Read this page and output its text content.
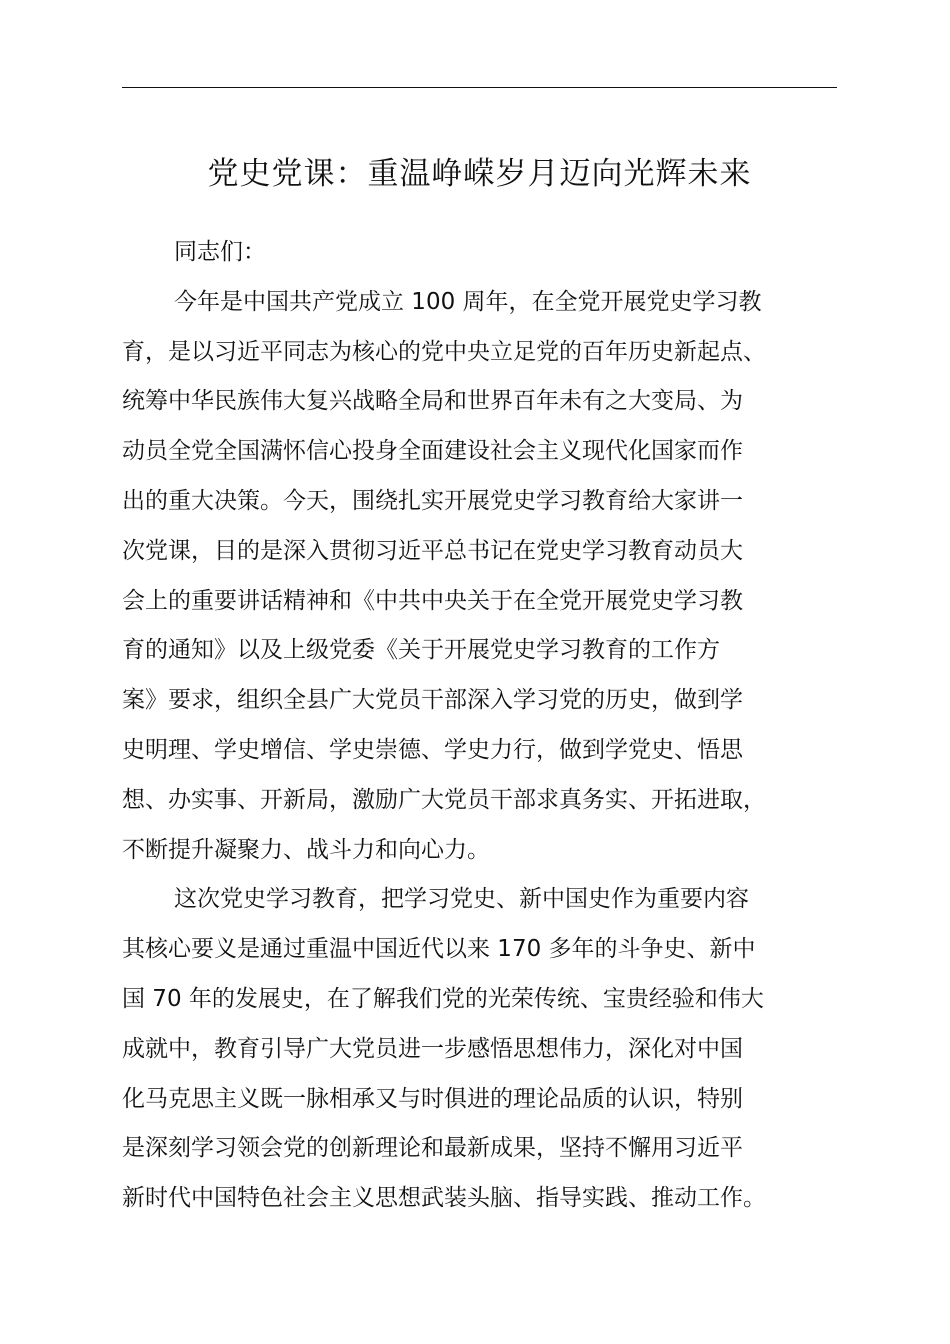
党史党课：重温峥嵘岁月迈向光辉未来

同志们：

今年是中国共产党成立 100 周年，在全党开展党史学习教
育，是以习近平同志为核心的党中央立足党的百年历史新起点、
统筹中华民族伟大复兴战略全局和世界百年未有之大变局、为
动员全党全国满怀信心投身全面建设社会主义现代化国家而作
出的重大决策。今天，围绕扎实开展党史学习教育给大家讲一
次党课，目的是深入贯彻习近平总书记在党史学习教育动员大
会上的重要讲话精神和《中共中央关于在全党开展党史学习教
育的通知》以及上级党委《关于开展党史学习教育的工作方
案》要求，组织全县广大党员干部深入学习党的历史，做到学
史明理、学史增信、学史崇德、学史力行，做到学党史、悟思
想、办实事、开新局，激励广大党员干部求真务实、开拓进取，
不断提升凝聚力、战斗力和向心力。

这次党史学习教育，把学习党史、新中国史作为重要内容
其核心要义是通过重温中国近代以来 170 多年的斗争史、新中
国 70 年的发展史，在了解我们党的光荣传统、宝贵经验和伟大
成就中，教育引导广大党员进一步感悟思想伟力，深化对中国
化马克思主义既一脉相承又与时俱进的理论品质的认识，特别
是深刻学习领会党的创新理论和最新成果，坚持不懈用习近平
新时代中国特色社会主义思想武装头脑、指导实践、推动工作。
